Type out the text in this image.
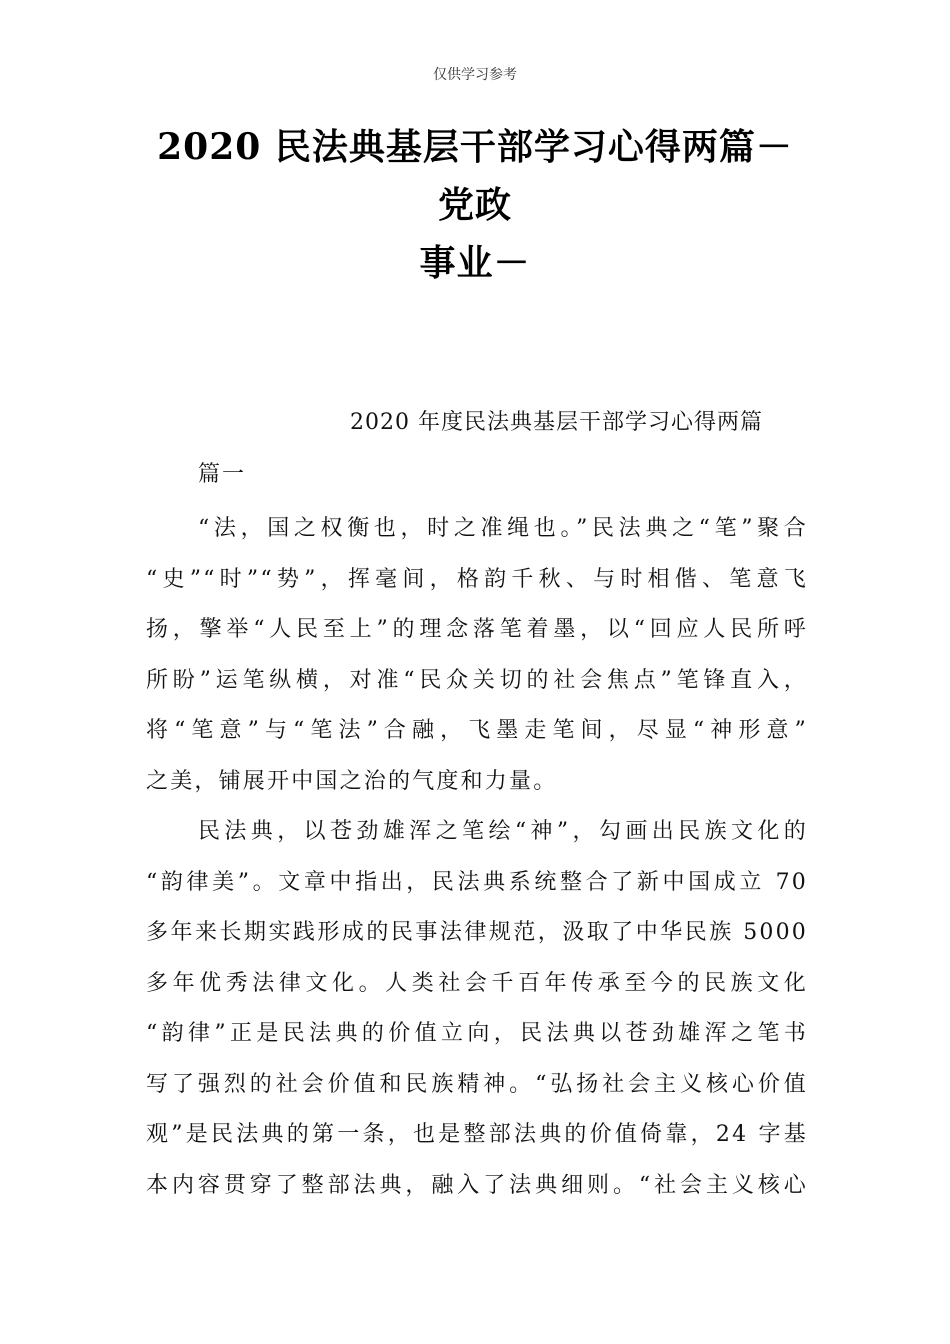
仅供学习参考
2020 民法典基层干部学习心得两篇－党政
事业－
2020 年度民法典基层干部学习心得两篇
篇一

“法，国之权衡也，时之准绳也。”民法典之“笔”聚合
“史”“时”“势”，挥毫间，格韵千秋、与时相偕、笔意飞
扬，擎举“人民至上”的理念落笔着墨，以“回应人民所呼
所盼”运笔纵横，对准“民众关切的社会焦点”笔锋直入，
将“笔意”与“笔法”合融，飞墨走笔间，尽显“神形意”
之美，铺展开中国之治的气度和力量。

民法典，以苍劲雄浑之笔绘“神”，勾画出民族文化的
“韵律美”。文章中指出，民法典系统整合了新中国成立 70
多年来长期实践形成的民事法律规范，汲取了中华民族 5000
多年优秀法律文化。人类社会千百年传承至今的民族文化
“韵律”正是民法典的价值立向，民法典以苍劲雄浑之笔书
写了强烈的社会价值和民族精神。“弘扬社会主义核心价值
观”是民法典的第一条，也是整部法典的价值倚靠，24 字基
本内容贯穿了整部法典，融入了法典细则。“社会主义核心
